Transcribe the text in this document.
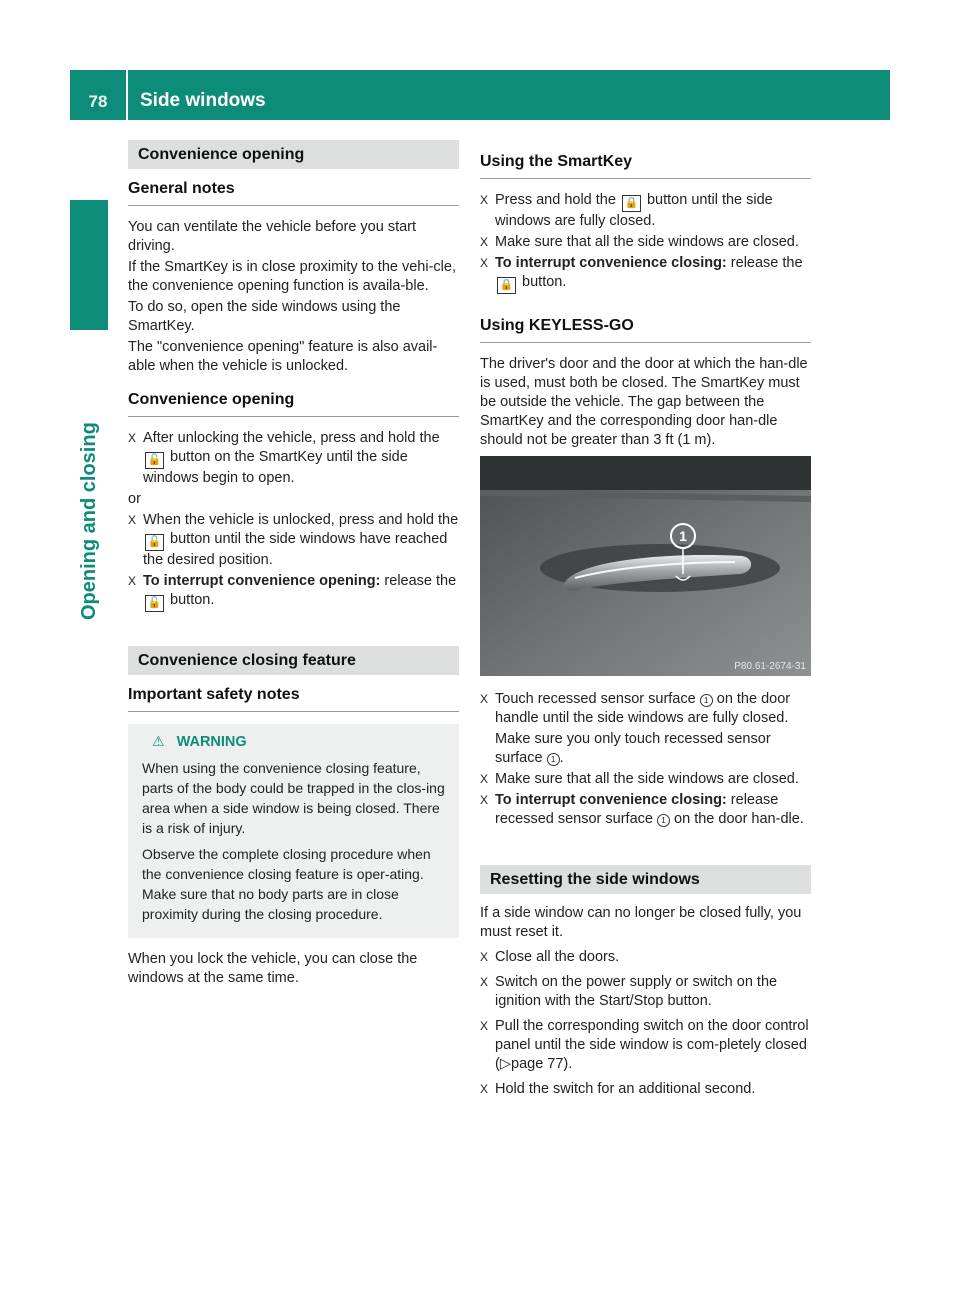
78	Side windows
Opening and closing
Convenience opening
General notes

You can ventilate the vehicle before you start driving.

If the SmartKey is in close proximity to the vehi-cle, the convenience opening function is availa-ble.

To do so, open the side windows using the SmartKey.

The "convenience opening" feature is also avail-able when the vehicle is unlocked.

Convenience opening
X After unlocking the vehicle, press and hold the 🔓 button on the SmartKey until the side windows begin to open.

or

X When the vehicle is unlocked, press and hold the 🔓 button until the side windows have reached the desired position.
X To interrupt convenience opening: release the 🔓 button.
Convenience closing feature
Important safety notes
⚠ WARNING

When using the convenience closing feature, parts of the body could be trapped in the clos-ing area when a side window is being closed. There is a risk of injury.

Observe the complete closing procedure when the convenience closing feature is oper-ating. Make sure that no body parts are in close proximity during the closing procedure.

When you lock the vehicle, you can close the windows at the same time.

Using the SmartKey
X Press and hold the 🔒 button until the side windows are fully closed.
X Make sure that all the side windows are closed.
X To interrupt convenience closing: release the 🔒 button.
Using KEYLESS-GO

The driver's door and the door at which the han-dle is used, must both be closed. The SmartKey must be outside the vehicle. The gap between the SmartKey and the corresponding door han-dle should not be greater than 3 ft (1 m).

1
P80.61-2674-31
X Touch recessed sensor surface 1 on the door handle until the side windows are fully closed.

Make sure you only touch recessed sensor surface 1 .

X Make sure that all the side windows are closed.
X To interrupt convenience closing: release recessed sensor surface 1 on the door han-dle.
Resetting the side windows

If a side window can no longer be closed fully, you must reset it.

X Close all the doors.
X Switch on the power supply or switch on the ignition with the Start/Stop button.
X Pull the corresponding switch on the door control panel until the side window is com-pletely closed (▷page 77).
X Hold the switch for an additional second.
